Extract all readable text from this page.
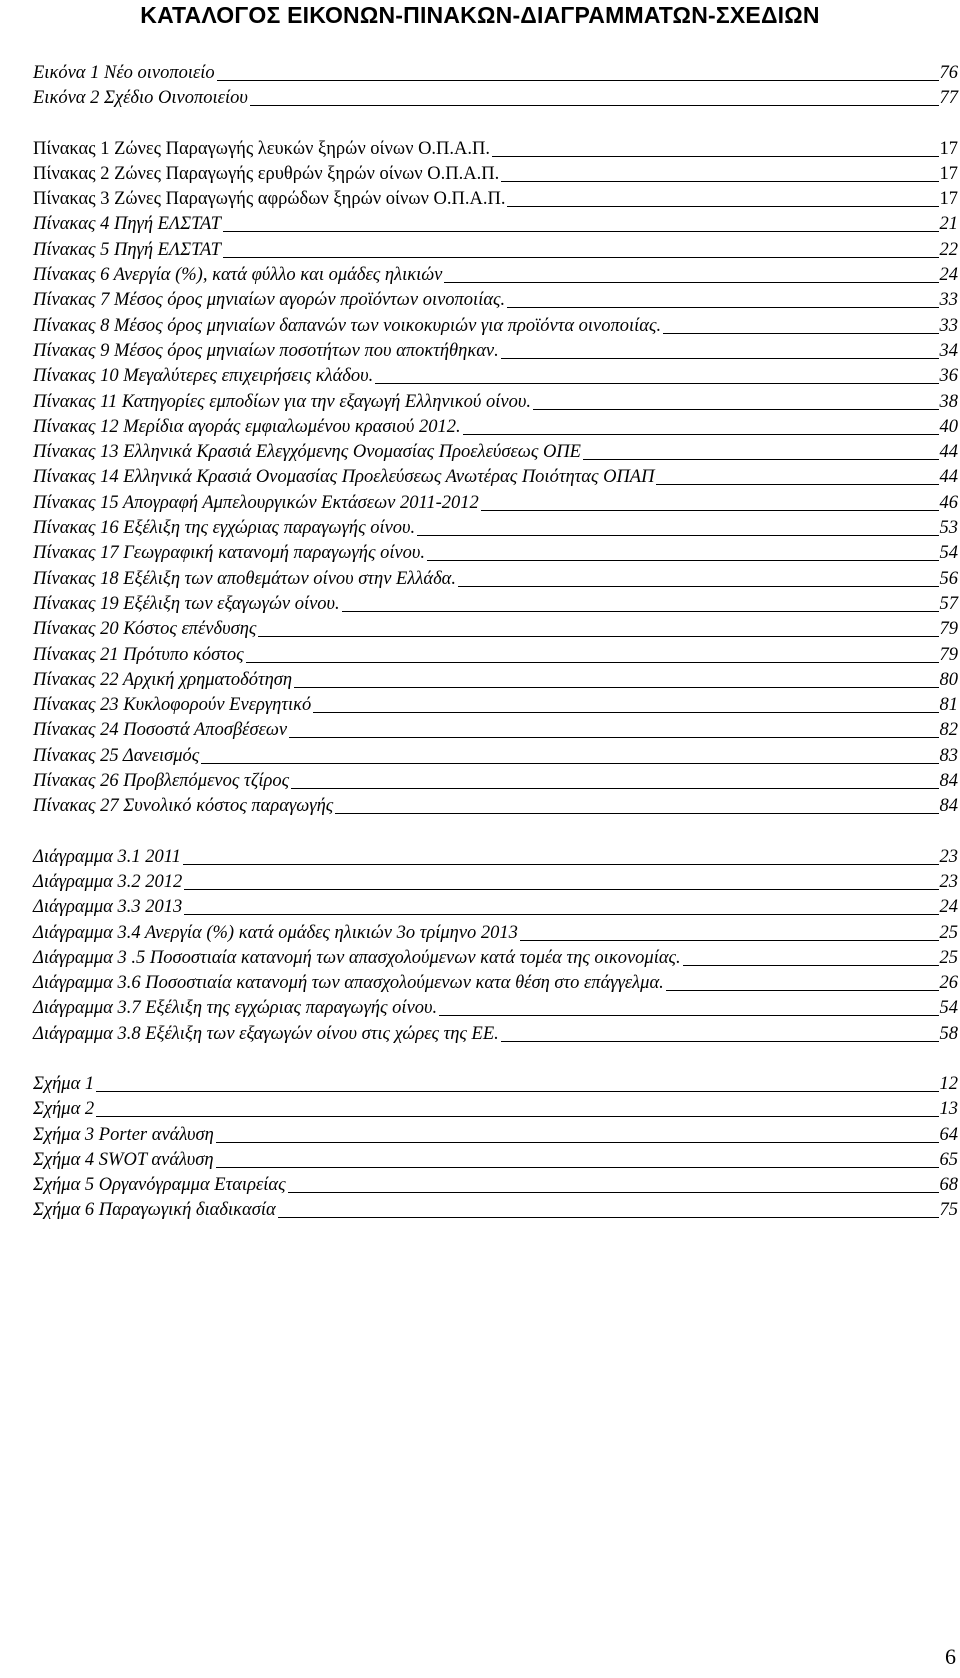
ΚΑΤΑΛΟΓΟΣ ΕΙΚΟΝΩΝ-ΠΙΝΑΚΩΝ-ΔΙΑΓΡΑΜΜΑΤΩΝ-ΣΧΕΔΙΩΝ
Εικόνα 1 Νέο οινοποιείο	76
Εικόνα 2 Σχέδιο Οινοποιείου	77
Πίνακας 1 Ζώνες Παραγωγής λευκών ξηρών οίνων Ο.Π.Α.Π.	17
Πίνακας 2 Ζώνες Παραγωγής ερυθρών ξηρών οίνων Ο.Π.Α.Π.	17
Πίνακας 3 Ζώνες Παραγωγής αφρώδων ξηρών οίνων Ο.Π.Α.Π.	17
Πίνακας 4 Πηγή ΕΛΣΤΑΤ	21
Πίνακας 5 Πηγή ΕΛΣΤΑΤ	22
Πίνακας 6 Ανεργία (%), κατά φύλλο και ομάδες ηλικιών	24
Πίνακας 7 Μέσος όρος μηνιαίων αγορών προϊόντων οινοποιίας.	33
Πίνακας 8 Μέσος όρος μηνιαίων δαπανών των νοικοκυριών για προϊόντα οινοποιίας.	33
Πίνακας 9 Μέσος όρος μηνιαίων ποσοτήτων που αποκτήθηκαν.	34
Πίνακας 10 Μεγαλύτερες επιχειρήσεις κλάδου.	36
Πίνακας 11 Κατηγορίες εμποδίων για την εξαγωγή Ελληνικού οίνου.	38
Πίνακας 12 Μερίδια αγοράς εμφιαλωμένου κρασιού 2012.	40
Πίνακας 13 Ελληνικά Κρασιά Ελεγχόμενης Ονομασίας Προελεύσεως ΟΠΕ	44
Πίνακας 14 Ελληνικά Κρασιά Ονομασίας Προελεύσεως Ανωτέρας Ποιότητας ΟΠΑΠ	44
Πίνακας 15 Απογραφή Αμπελουργικών Εκτάσεων 2011-2012	46
Πίνακας 16 Εξέλιξη της εγχώριας παραγωγής οίνου.	53
Πίνακας 17 Γεωγραφική κατανομή παραγωγής οίνου.	54
Πίνακας 18 Εξέλιξη των αποθεμάτων οίνου στην Ελλάδα.	56
Πίνακας 19 Εξέλιξη των εξαγωγών οίνου.	57
Πίνακας 20 Κόστος επένδυσης	79
Πίνακας 21 Πρότυπο κόστος	79
Πίνακας 22 Αρχική χρηματοδότηση	80
Πίνακας 23 Κυκλοφορούν Ενεργητικό	81
Πίνακας 24 Ποσοστά Αποσβέσεων	82
Πίνακας 25 Δανεισμός	83
Πίνακας 26 Προβλεπόμενος τζίρος	84
Πίνακας 27 Συνολικό κόστος παραγωγής	84
Διάγραμμα 3.1 2011	23
Διάγραμμα 3.2 2012	23
Διάγραμμα 3.3 2013	24
Διάγραμμα 3.4 Ανεργία (%) κατά ομάδες ηλικιών 3ο τρίμηνο 2013	25
Διάγραμμα 3 .5 Ποσοστιαία κατανομή των απασχολούμενων κατά τομέα της οικονομίας.	25
Διάγραμμα 3.6 Ποσοστιαία κατανομή των απασχολούμενων κατα θέση στο επάγγελμα.	26
Διάγραμμα 3.7 Εξέλιξη της εγχώριας παραγωγής οίνου.	54
Διάγραμμα 3.8 Εξέλιξη των εξαγωγών οίνου στις χώρες της ΕΕ.	58
Σχήμα 1	12
Σχήμα 2	13
Σχήμα 3 Porter ανάλυση	64
Σχήμα 4 SWOT ανάλυση	65
Σχήμα 5 Οργανόγραμμα Εταιρείας	68
Σχήμα 6 Παραγωγική διαδικασία	75
6
